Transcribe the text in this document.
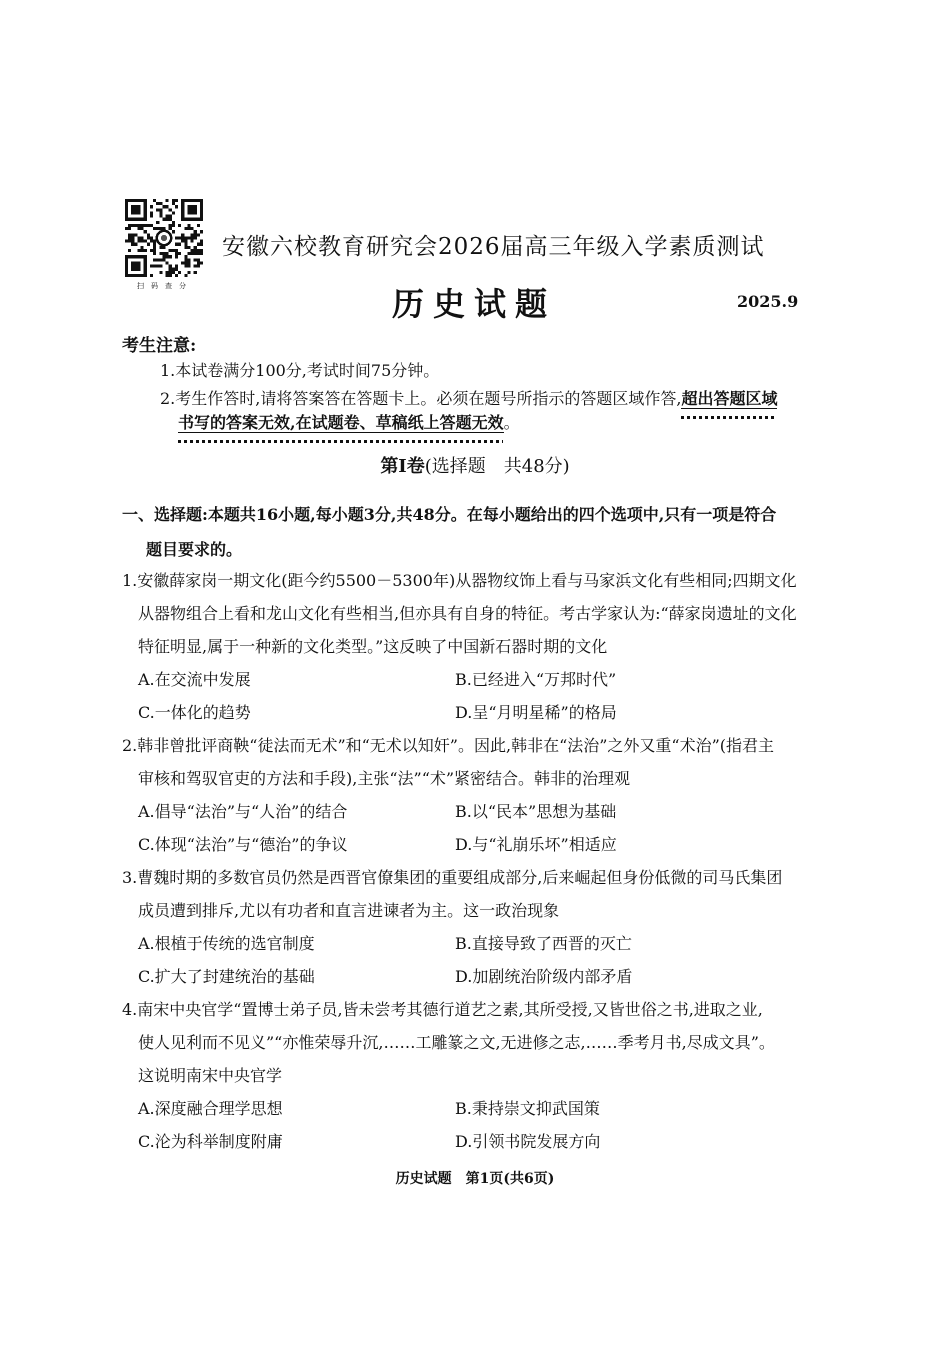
扫码查分
安徽六校教育研究会2026届高三年级入学素质测试
历史试题	2025.9
考生注意:
1.本试卷满分100分,考试时间75分钟。
2.考生作答时,请将答案答在答题卡上。必须在题号所指示的答题区域作答,超出答题区域
书写的答案无效,在试题卷、草稿纸上答题无效。
第Ⅰ卷(选择题　共48分)
一、选择题:本题共16小题,每小题3分,共48分。在每小题给出的四个选项中,只有一项是符合
题目要求的。
1.安徽薛家岗一期文化(距今约5500－5300年)从器物纹饰上看与马家浜文化有些相同;四期文化
从器物组合上看和龙山文化有些相当,但亦具有自身的特征。考古学家认为:“薛家岗遗址的文化
特征明显,属于一种新的文化类型。”这反映了中国新石器时期的文化
A.在交流中发展	B.已经进入“万邦时代”
C.一体化的趋势	D.呈“月明星稀”的格局
2.韩非曾批评商鞅“徒法而无术”和“无术以知奸”。因此,韩非在“法治”之外又重“术治”(指君主
审核和驾驭官吏的方法和手段),主张“法”“术”紧密结合。韩非的治理观
A.倡导“法治”与“人治”的结合	B.以“民本”思想为基础
C.体现“法治”与“德治”的争议	D.与“礼崩乐坏”相适应
3.曹魏时期的多数官员仍然是西晋官僚集团的重要组成部分,后来崛起但身份低微的司马氏集团
成员遭到排斥,尤以有功者和直言进谏者为主。这一政治现象
A.根植于传统的选官制度	B.直接导致了西晋的灭亡
C.扩大了封建统治的基础	D.加剧统治阶级内部矛盾
4.南宋中央官学“置博士弟子员,皆未尝考其德行道艺之素,其所受授,又皆世俗之书,进取之业,
使人见利而不见义”“亦惟荣辱升沉,……工雕篆之文,无进修之志,……季考月书,尽成文具”。
这说明南宋中央官学
A.深度融合理学思想	B.秉持崇文抑武国策
C.沦为科举制度附庸	D.引领书院发展方向
历史试题　第1页(共6页)
